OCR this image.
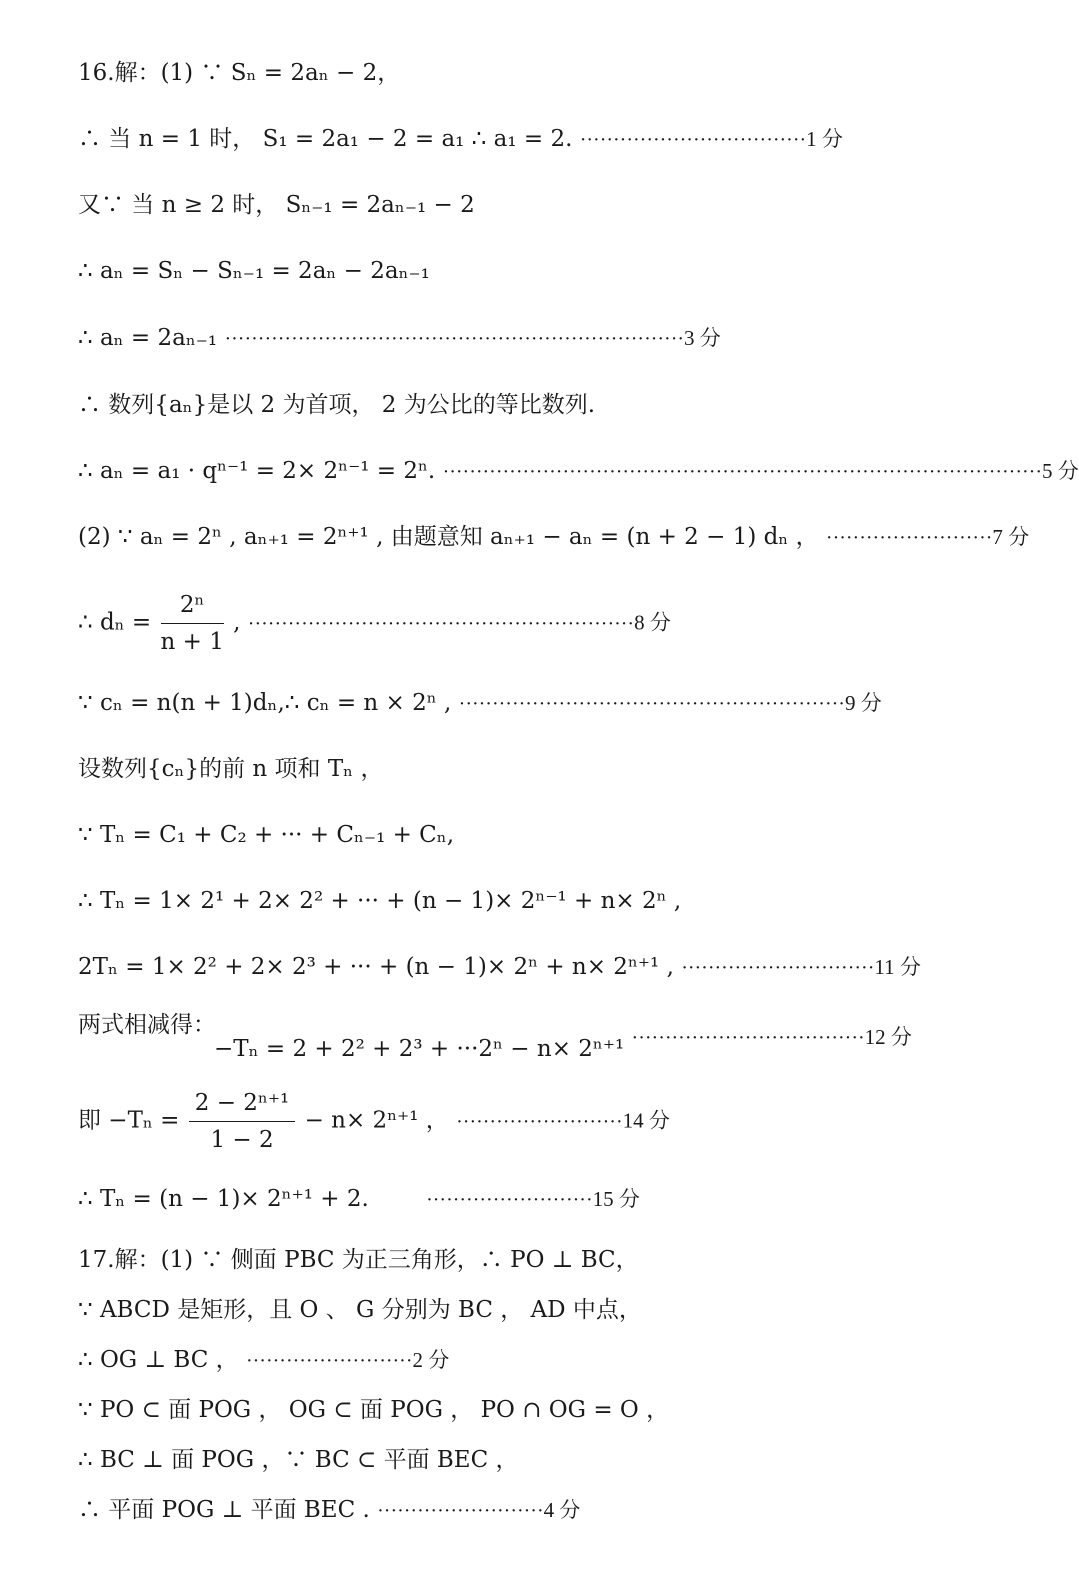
16.解：(1) ∵ Sₙ = 2aₙ − 2，
∴ 当 n = 1 时， S₁ = 2a₁ − 2 = a₁ ∴ a₁ = 2. ··································1 分
又∵ 当 n ≥ 2 时， Sₙ₋₁ = 2aₙ₋₁ − 2
∴ aₙ = Sₙ − Sₙ₋₁ = 2aₙ − 2aₙ₋₁
∴ aₙ = 2aₙ₋₁ ·····································································3 分
∴ 数列{aₙ}是以 2 为首项， 2 为公比的等比数列.
∴ aₙ = a₁ · qⁿ⁻¹ = 2× 2ⁿ⁻¹ = 2ⁿ. ··························································································5 分
(2) ∵ aₙ = 2ⁿ , aₙ₊₁ = 2ⁿ⁺¹ , 由题意知 aₙ₊₁ − aₙ = (n + 2 − 1) dₙ ， ·························7 分
∴ $d_n = \frac{\text{2ⁿ}}{n + 1}$ , ··························································8 分
∵ cₙ = n(n + 1)dₙ,∴ cₙ = n × 2ⁿ , ··························································9 分
设数列{cₙ}的前 n 项和 Tₙ ，
∵ Tₙ = C₁ + C₂ + ··· + Cₙ₋₁ + Cₙ,
∴ Tₙ = 1× 2¹ + 2× 2² + ··· + (n − 1)× 2ⁿ⁻¹ + n× 2ⁿ ,
2Tₙ = 1× 2² + 2× 2³ + ··· + (n − 1)× 2ⁿ + n× 2ⁿ⁺¹ , ·····························11 分
两式相减得：
−Tₙ = 2 + 2² + 2³ + ···2ⁿ − n× 2ⁿ⁺¹ ···································12 分
即 $-T_n = \frac{\text{2 − 2ⁿ⁺¹}}{1 - 2} - n\times 2^{n+1}$ ， ·························14 分
∴ Tₙ = (n − 1)× 2ⁿ⁺¹ + 2.	·························15 分
17.解：(1) ∵ 侧面 PBC 为正三角形，∴ PO ⊥ BC，
∵ ABCD 是矩形，且 O 、 G 分别为 BC ， AD 中点，
∴ OG ⊥ BC ， ·························2 分
∵ PO ⊂ 面 POG ， OG ⊂ 面 POG ， PO ∩ OG = O ，
∴ BC ⊥ 面 POG ，∵ BC ⊂ 平面 BEC ，
∴ 平面 POG ⊥ 平面 BEC . ·························4 分
